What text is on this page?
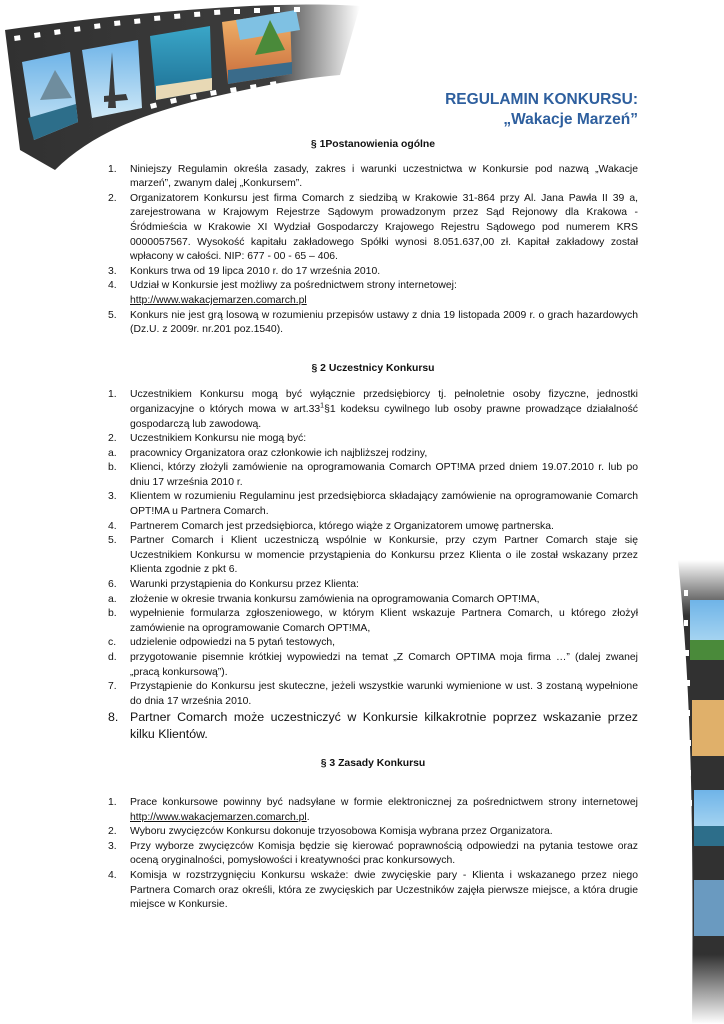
REGULAMIN KONKURSU:
„Wakacje Marzeń”
§ 1Postanowienia ogólne
1. Niniejszy Regulamin określa zasady, zakres i warunki uczestnictwa w Konkursie pod nazwą „Wakacje marzeń”, zwanym dalej „Konkursem”.
2. Organizatorem Konkursu jest firma Comarch z siedzibą w Krakowie 31-864 przy Al. Jana Pawła II 39 a, zarejestrowana w Krajowym Rejestrze Sądowym prowadzonym przez Sąd Rejonowy dla Krakowa - Śródmieścia w Krakowie XI Wydział Gospodarczy Krajowego Rejestru Sądowego pod numerem KRS 0000057567. Wysokość kapitału zakładowego Spółki wynosi 8.051.637,00 zł. Kapitał zakładowy został wpłacony w całości. NIP: 677 - 00 - 65 – 406.
3. Konkurs trwa od 19 lipca 2010 r. do 17 września 2010.
4. Udział w Konkursie jest możliwy za pośrednictwem strony internetowej:
http://www.wakacjemarzen.comarch.pl
5. Konkurs nie jest grą losową w rozumieniu przepisów ustawy z dnia 19 listopada 2009 r. o grach hazardowych (Dz.U. z 2009r. nr.201 poz.1540).
§ 2 Uczestnicy Konkursu
1. Uczestnikiem Konkursu mogą być wyłącznie przedsiębiorcy tj. pełnoletnie osoby fizyczne, jednostki organizacyjne o których mowa w $art.33^1\S 1$ kodeksu cywilnego lub osoby prawne prowadzące działalność gospodarczą lub zawodową.
2. Uczestnikiem Konkursu nie mogą być:
a. pracownicy Organizatora oraz członkowie ich najbliższej rodziny,
b. Klienci, którzy złożyli zamówienie na oprogramowania Comarch OPT!MA przed dniem 19.07.2010 r. lub po dniu 17 września 2010 r.
3. Klientem w rozumieniu Regulaminu jest przedsiębiorca składający zamówienie na oprogramowanie Comarch OPT!MA u Partnera Comarch.
4. Partnerem Comarch jest przedsiębiorca, którego wiąże z Organizatorem umowę partnerska.
5. Partner Comarch i Klient uczestniczą wspólnie w Konkursie, przy czym Partner Comarch staje się Uczestnikiem Konkursu w momencie przystąpienia do Konkursu przez Klienta o ile został wskazany przez Klienta zgodnie z pkt 6.
6. Warunki przystąpienia do Konkursu przez Klienta:
a. złożenie w okresie trwania konkursu zamówienia na oprogramowania Comarch OPT!MA,
b. wypełnienie formularza zgłoszeniowego, w którym Klient wskazuje Partnera Comarch, u którego złożył zamówienie na oprogramowanie Comarch OPT!MA,
c. udzielenie odpowiedzi na 5 pytań testowych,
d. przygotowanie pisemnie krótkiej wypowiedzi na temat „Z Comarch OPTIMA moja firma …” (dalej zwanej „pracą konkursową”).
7. Przystąpienie do Konkursu jest skuteczne, jeżeli wszystkie warunki wymienione w ust. 3 zostaną wypełnione do dnia 17 września 2010.
8. Partner Comarch może uczestniczyć w Konkursie kilkakrotnie poprzez wskazanie przez kilku Klientów.
§ 3 Zasady Konkursu
1. Prace konkursowe powinny być nadsyłane w formie elektronicznej za pośrednictwem strony internetowej http://www.wakacjemarzen.comarch.pl.
2. Wyboru zwycięzców Konkursu dokonuje trzyosobowa Komisja wybrana przez Organizatora.
3. Przy wyborze zwycięzców Komisja będzie się kierować poprawnością odpowiedzi na pytania testowe oraz oceną oryginalności, pomysłowości i kreatywności prac konkursowych.
4. Komisja w rozstrzygnięciu Konkursu wskaże: dwie zwycięskie pary - Klienta i wskazanego przez niego Partnera Comarch oraz określi, która ze zwycięskich par Uczestników zajęła pierwsze miejsce, a która drugie miejsce w Konkursie.
